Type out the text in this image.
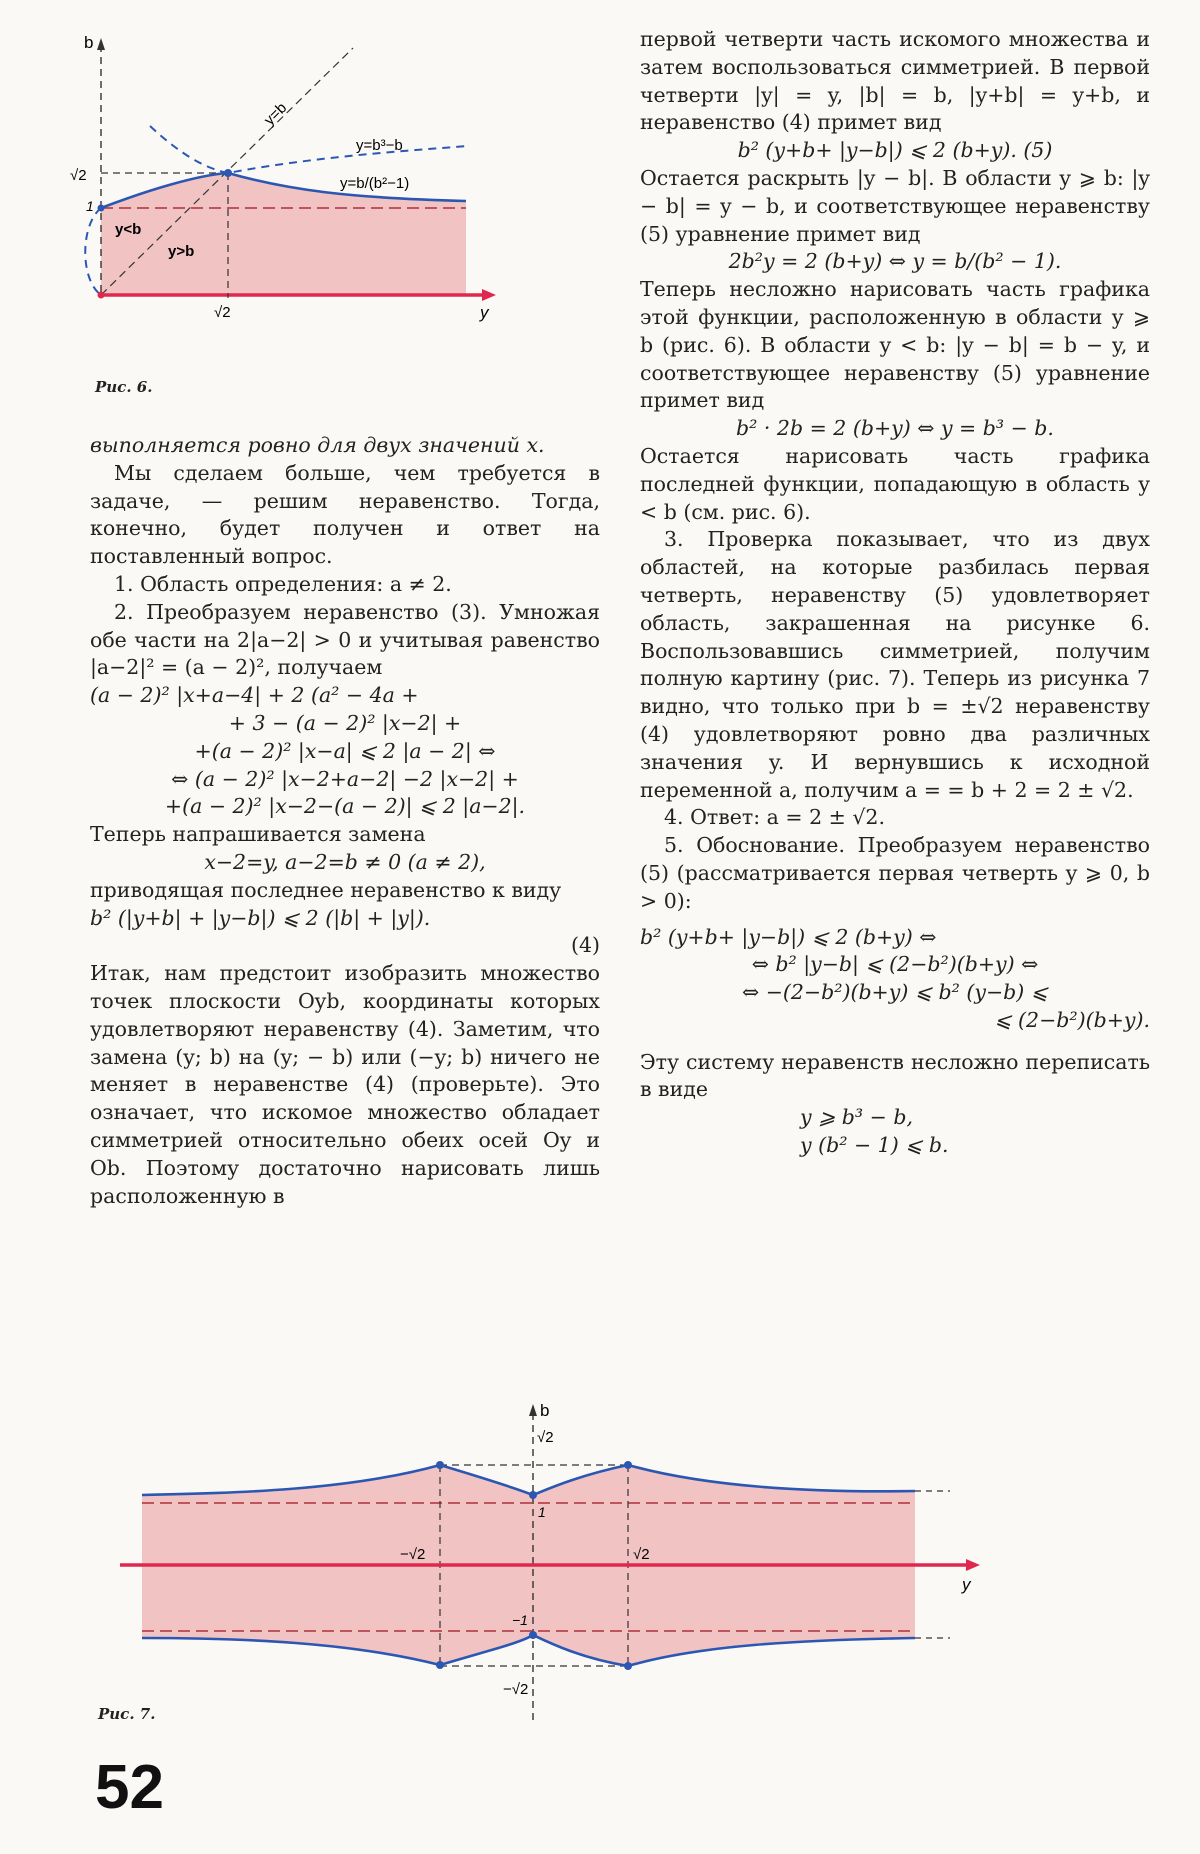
b
y
√2
1
√2
y=b
y=b³−b
y=b/(b²−1)
y<b
y>b
Рис. 6.

выполняется ровно для двух значений x.

Мы сделаем больше, чем требуется в задаче, — решим неравенство. Тогда, конечно, будет получен и ответ на поставленный вопрос.

1. Область определения: a ≠ 2.

2. Преобразуем неравенство (3). Умножая обе части на 2|a−2| > 0 и учитывая равенство |a−2|² = (a − 2)², получаем

(a − 2)² |x+a−4| + 2 (a² − 4a +

+ 3 − (a − 2)² |x−2| +

+(a − 2)² |x−a| ⩽ 2 |a − 2| ⇔

⇔ (a − 2)² |x−2+a−2| −2 |x−2| +

+(a − 2)² |x−2−(a − 2)| ⩽ 2 |a−2|.

Теперь напрашивается замена

x−2=y, a−2=b ≠ 0 (a ≠ 2),

приводящая последнее неравенство к виду

b² (|y+b| + |y−b|) ⩽ 2 (|b| + |y|).

(4)

Итак, нам предстоит изобразить множество точек плоскости Oyb, координаты которых удовлетворяют неравенству (4). Заметим, что замена (y; b) на (y; − b) или (−y; b) ничего не меняет в неравенстве (4) (проверьте). Это означает, что искомое множество обладает симметрией относительно обеих осей Oy и Ob. Поэтому достаточно нарисовать лишь расположенную в

первой четверти часть искомого множества и затем воспользоваться симметрией. В первой четверти |y| = y, |b| = b, |y+b| = y+b, и неравенство (4) примет вид

b² (y+b+ |y−b|) ⩽ 2 (b+y). (5)

Остается раскрыть |y − b|. В области y ⩾ b: |y − b| = y − b, и соответствующее неравенству (5) уравнение примет вид

2b²y = 2 (b+y) ⇔ y = b/(b² − 1).

Теперь несложно нарисовать часть графика этой функции, расположенную в области y ⩾ b (рис. 6). В области y < b: |y − b| = b − y, и соответствующее неравенству (5) уравнение примет вид

b² · 2b = 2 (b+y) ⇔ y = b³ − b.

Остается нарисовать часть графика последней функции, попадающую в область y < b (см. рис. 6).

3. Проверка показывает, что из двух областей, на которые разбилась первая четверть, неравенству (5) удовлетворяет область, закрашенная на рисунке 6. Воспользовавшись симметрией, получим полную картину (рис. 7). Теперь из рисунка 7 видно, что только при b = ±√2 неравенству (4) удовлетворяют ровно два различных значения y. И вернувшись к исходной переменной a, получим a = = b + 2 = 2 ± √2.

4. Ответ: a = 2 ± √2.

5. Обоснование. Преобразуем неравенство (5) (рассматривается первая четверть y ⩾ 0, b > 0):

b² (y+b+ |y−b|) ⩽ 2 (b+y) ⇔

⇔ b² |y−b| ⩽ (2−b²)(b+y) ⇔

⇔ −(2−b²)(b+y) ⩽ b² (y−b) ⩽

⩽ (2−b²)(b+y).

Эту систему неравенств несложно переписать в виде

y ⩾ b³ − b,

y (b² − 1) ⩽ b.

b
y
√2
1
−1
−√2
−√2	√2
Рис. 7.
52
